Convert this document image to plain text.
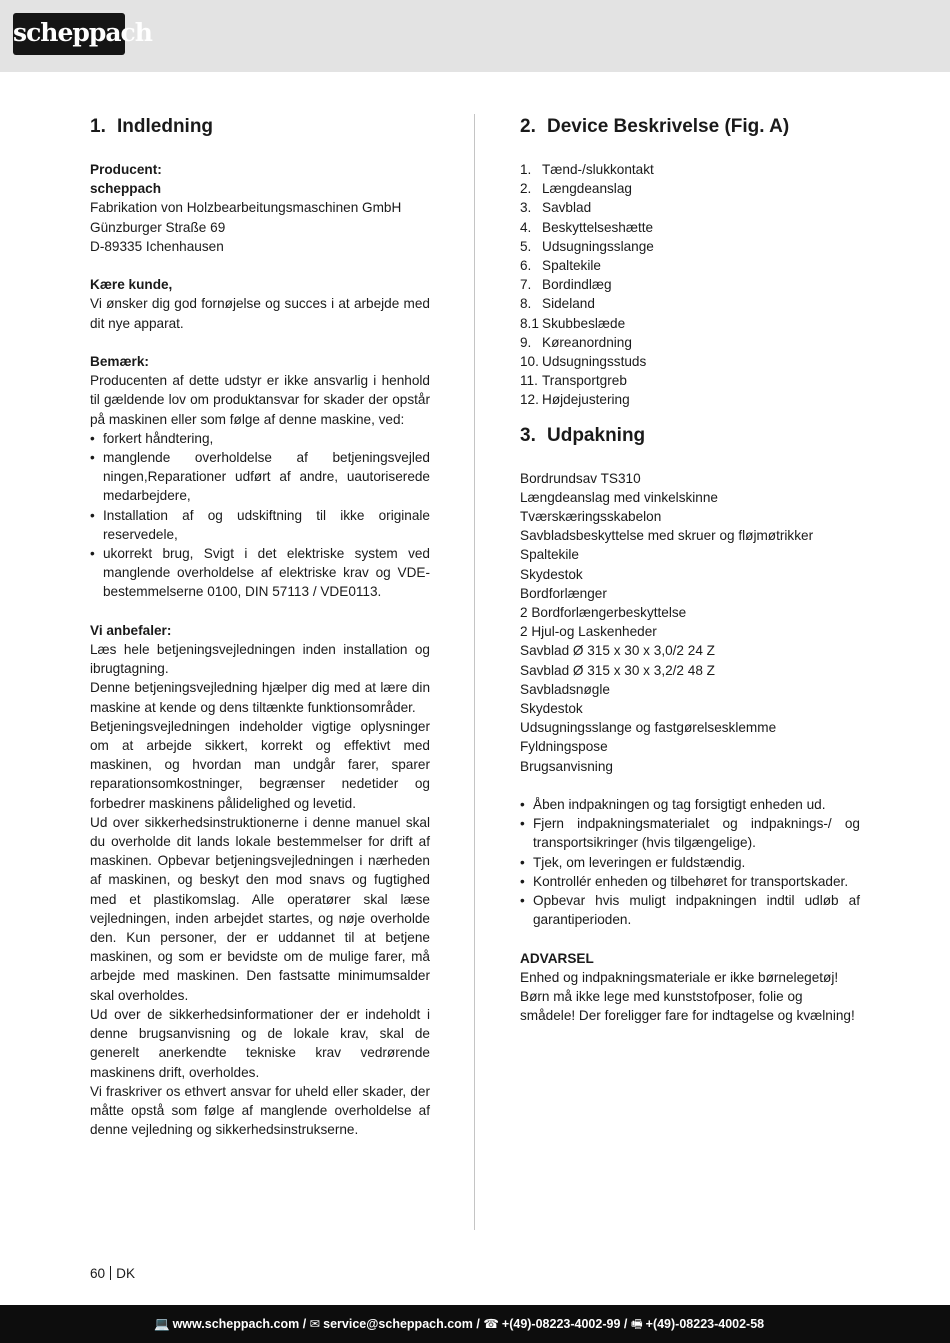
scheppach
1. Indledning

Producent:

scheppach

Fabrikation von Holzbearbeitungsmaschinen GmbH

Günzburger Straße 69

D-89335 Ichenhausen

Kære kunde,

Vi ønsker dig god fornøjelse og succes i at arbejde med dit nye apparat.

Bemærk:

Producenten af dette udstyr er ikke ansvarlig i henhold til gældende lov om produktansvar for skader der opstår på maskinen eller som følge af denne maskine, ved:

• forkert håndtering,
• manglende overholdelse af betjeningsvejled ningen,Reparationer udført af andre, uautoriserede medarbejdere,
• Installation af og udskiftning til ikke originale reservedele,
• ukorrekt brug, Svigt i det elektriske system ved manglende overholdelse af elektriske krav og VDE-bestemmelserne 0100, DIN 57113 / VDE0113.

Vi anbefaler:

Læs hele betjeningsvejledningen inden installation og ibrugtagning.

Denne betjeningsvejledning hjælper dig med at lære din maskine at kende og dens tiltænkte funktionsområder.

Betjeningsvejledningen indeholder vigtige oplysninger om at arbejde sikkert, korrekt og effektivt med maskinen, og hvordan man undgår farer, sparer reparationsomkostninger, begrænser nedetider og forbedrer maskinens pålidelighed og levetid.

Ud over sikkerhedsinstruktionerne i denne manuel skal du overholde dit lands lokale bestemmelser for drift af maskinen. Opbevar betjeningsvejledningen i nærheden af maskinen, og beskyt den mod snavs og fugtighed med et plastikomslag. Alle operatører skal læse vejledningen, inden arbejdet startes, og nøje overholde den. Kun personer, der er uddannet til at betjene maskinen, og som er bevidste om de mulige farer, må arbejde med maskinen. Den fastsatte minimumsalder skal overholdes.

Ud over de sikkerhedsinformationer der er indeholdt i denne brugsanvisning og de lokale krav, skal de generelt anerkendte tekniske krav vedrørende maskinens drift, overholdes.

Vi fraskriver os ethvert ansvar for uheld eller skader, der måtte opstå som følge af manglende overholdelse af denne vejledning og sikkerhedsinstrukserne.

2. Device Beskrivelse (Fig. A)
1. Tænd-/slukkontakt
2. Længdeanslag
3. Savblad
4. Beskyttelseshætte
5. Udsugningsslange
6. Spaltekile
7. Bordindlæg
8. Sideland
8.1 Skubbeslæde
9. Køreanordning
10. Udsugningsstuds
11. Transportgreb
12. Højdejustering
3. Udpakning

Bordrundsav TS310

Længdeanslag med vinkelskinne

Tværskæringsskabelon

Savbladsbeskyttelse med skruer og fløjmøtrikker

Spaltekile

Skydestok

Bordforlænger

2 Bordforlængerbeskyttelse

2 Hjul-og Laskenheder

Savblad Ø 315 x 30 x 3,0/2 24 Z

Savblad Ø 315 x 30 x 3,2/2 48 Z

Savbladsnøgle

Skydestok

Udsugningsslange og fastgørelsesklemme

Fyldningspose

Brugsanvisning

• Åben indpakningen og tag forsigtigt enheden ud.
• Fjern indpakningsmaterialet og indpaknings-/ og transportsikringer (hvis tilgængelige).
• Tjek, om leveringen er fuldstændig.
• Kontrollér enheden og tilbehøret for transportskader.
• Opbevar hvis muligt indpakningen indtil udløb af garantiperioden.

ADVARSEL

Enhed og indpakningsmateriale er ikke børnelegetøj! Børn må ikke lege med kunststofposer, folie og smådele! Der foreligger fare for indtagelse og kvælning!

60 DK
💻 www.scheppach.com / ✉ service@scheppach.com / ☎ +(49)-08223-4002-99 / 🖷 +(49)-08223-4002-58
